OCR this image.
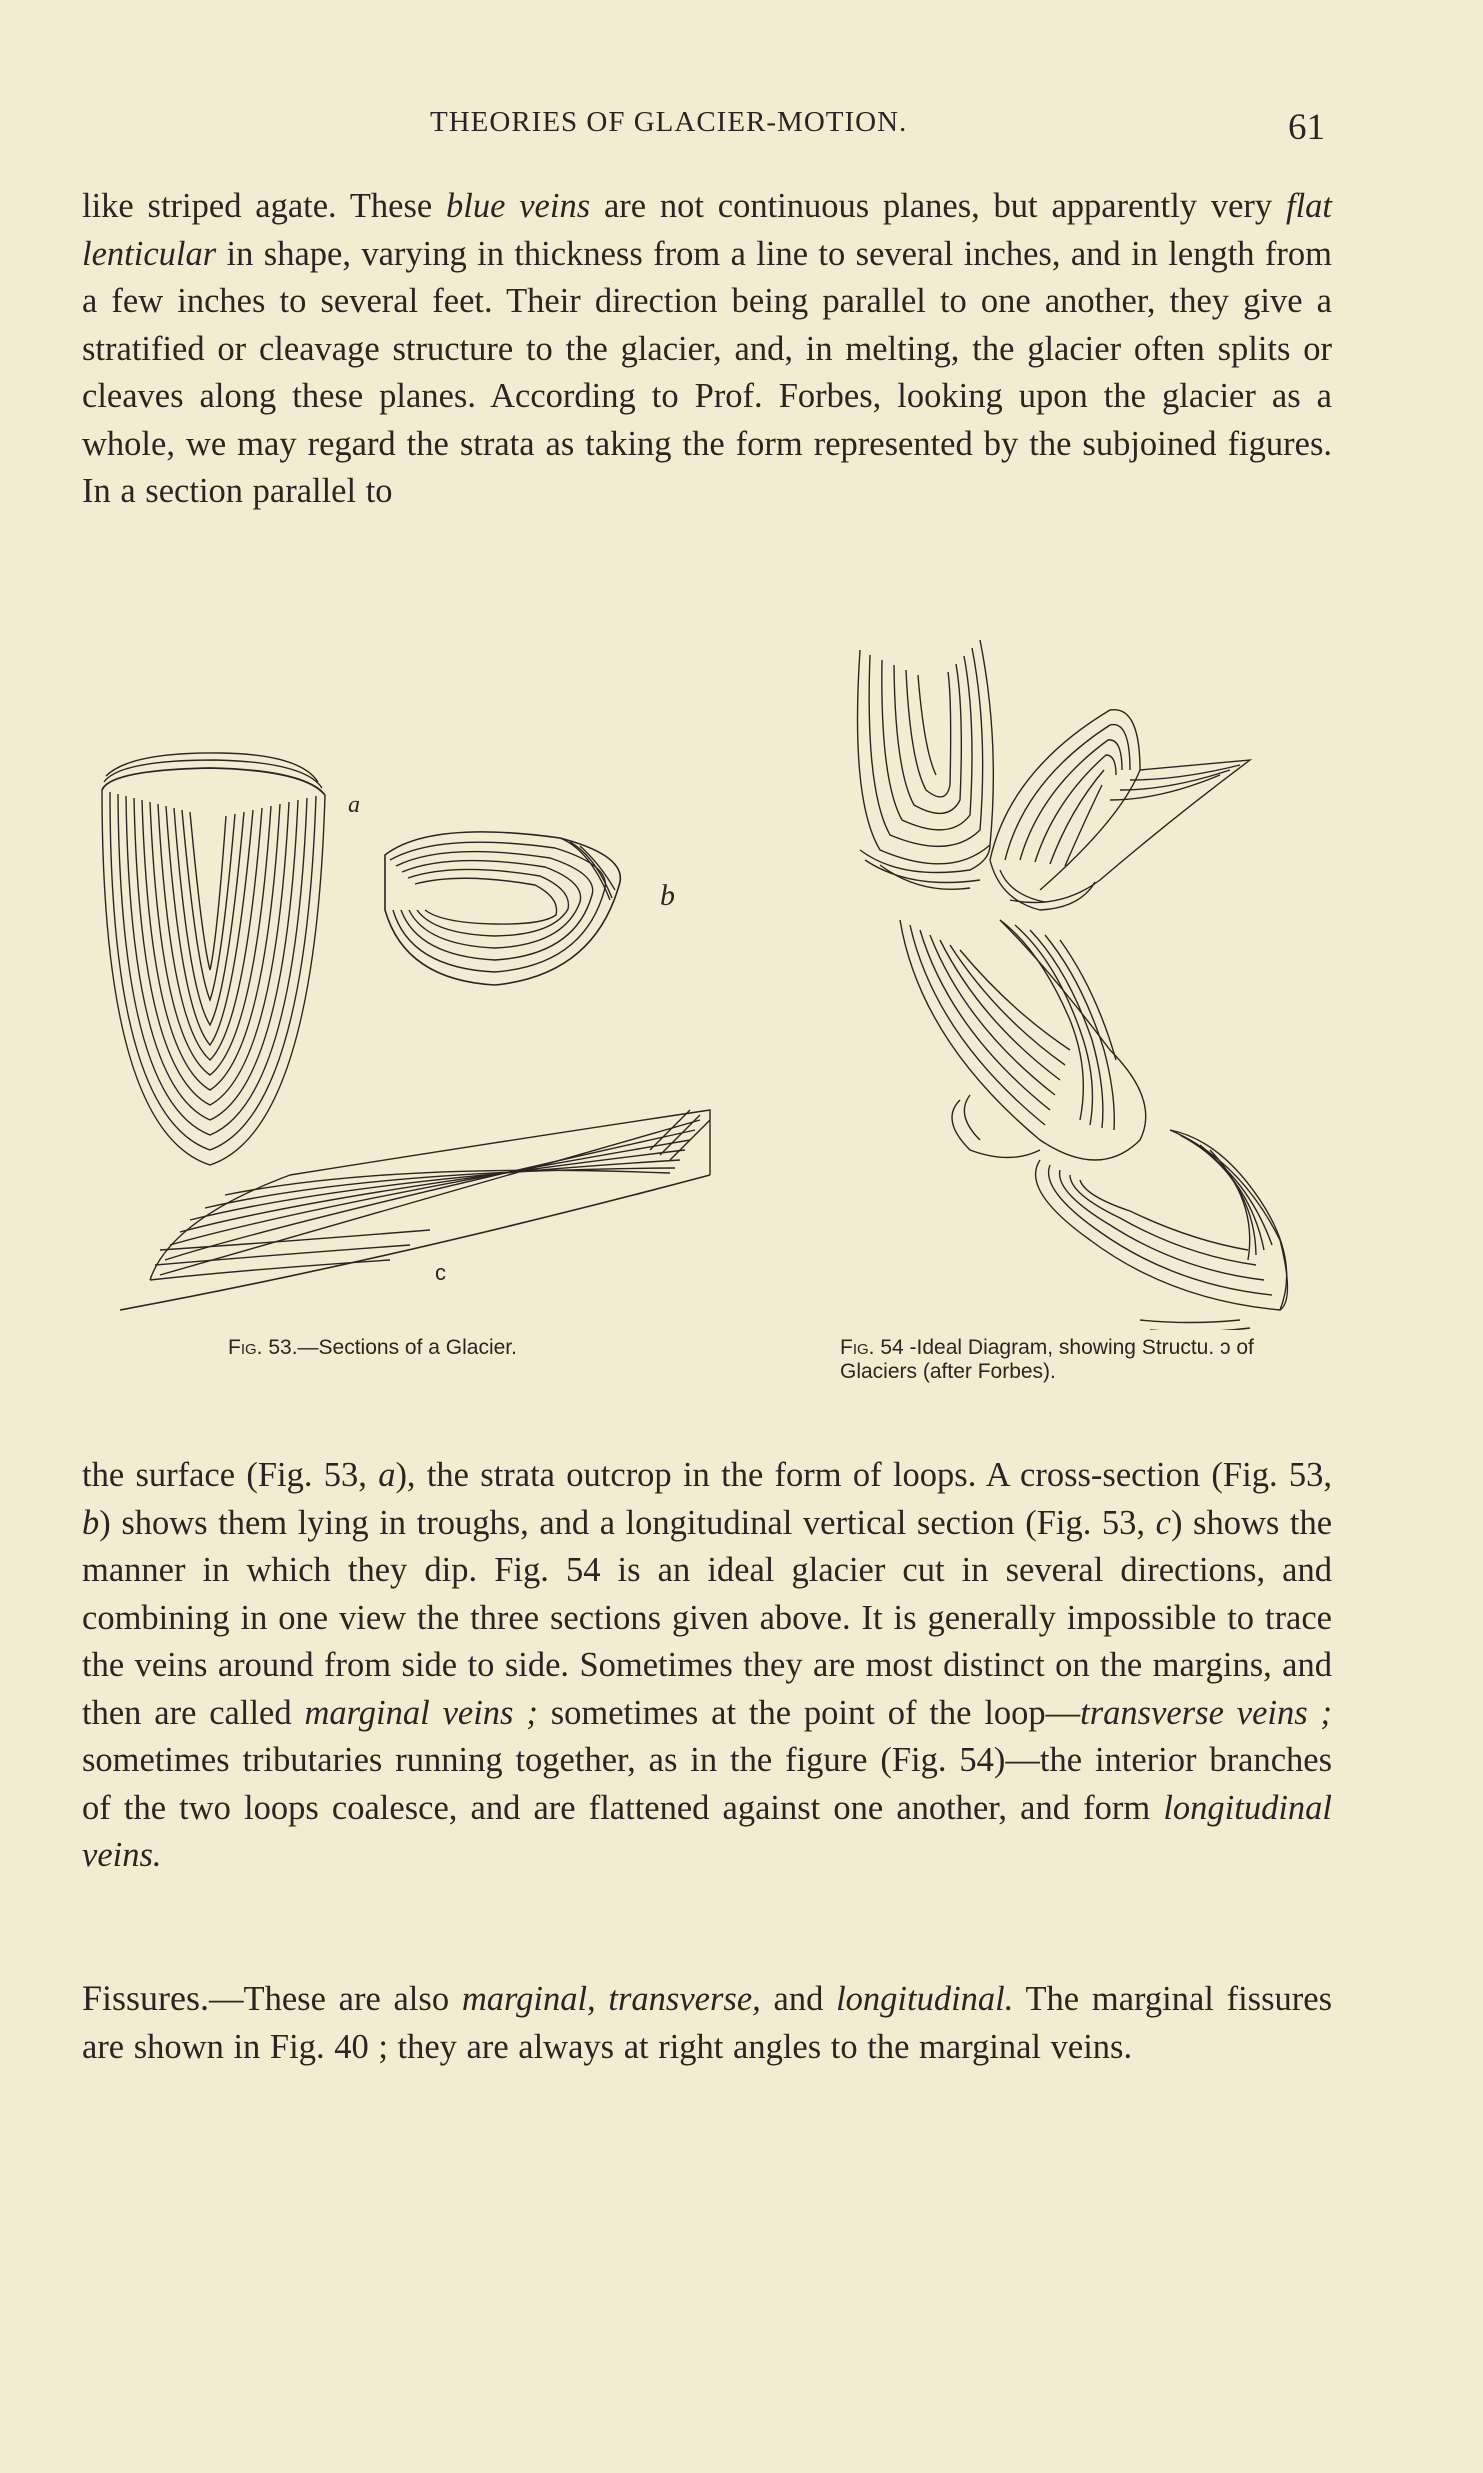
THEORIES OF GLACIER-MOTION.	61

like striped agate. These blue veins are not continuous planes, but apparently very flat lenticular in shape, varying in thickness from a line to several inches, and in length from a few inches to several feet. Their direction being parallel to one another, they give a stratified or cleavage structure to the glacier, and, in melting, the glacier often splits or cleaves along these planes. According to Prof. Forbes, looking upon the glacier as a whole, we may regard the strata as taking the form represented by the subjoined figures. In a section parallel to

a
b
c
Fig. 53.—Sections of a Glacier.	Fig. 54 -Ideal Diagram, showing Structu. ɔ of Glaciers (after Forbes).

the surface (Fig. 53, a), the strata outcrop in the form of loops. A cross-section (Fig. 53, b) shows them lying in troughs, and a longitudinal vertical section (Fig. 53, c) shows the manner in which they dip. Fig. 54 is an ideal glacier cut in several directions, and combining in one view the three sections given above. It is generally impossible to trace the veins around from side to side. Sometimes they are most distinct on the margins, and then are called marginal veins ; sometimes at the point of the loop—transverse veins ; sometimes tributaries running together, as in the figure (Fig. 54)—the interior branches of the two loops coalesce, and are flattened against one another, and form longitudinal veins.

Fissures.—These are also marginal, transverse, and longitudinal. The marginal fissures are shown in Fig. 40 ; they are always at right angles to the marginal veins.
